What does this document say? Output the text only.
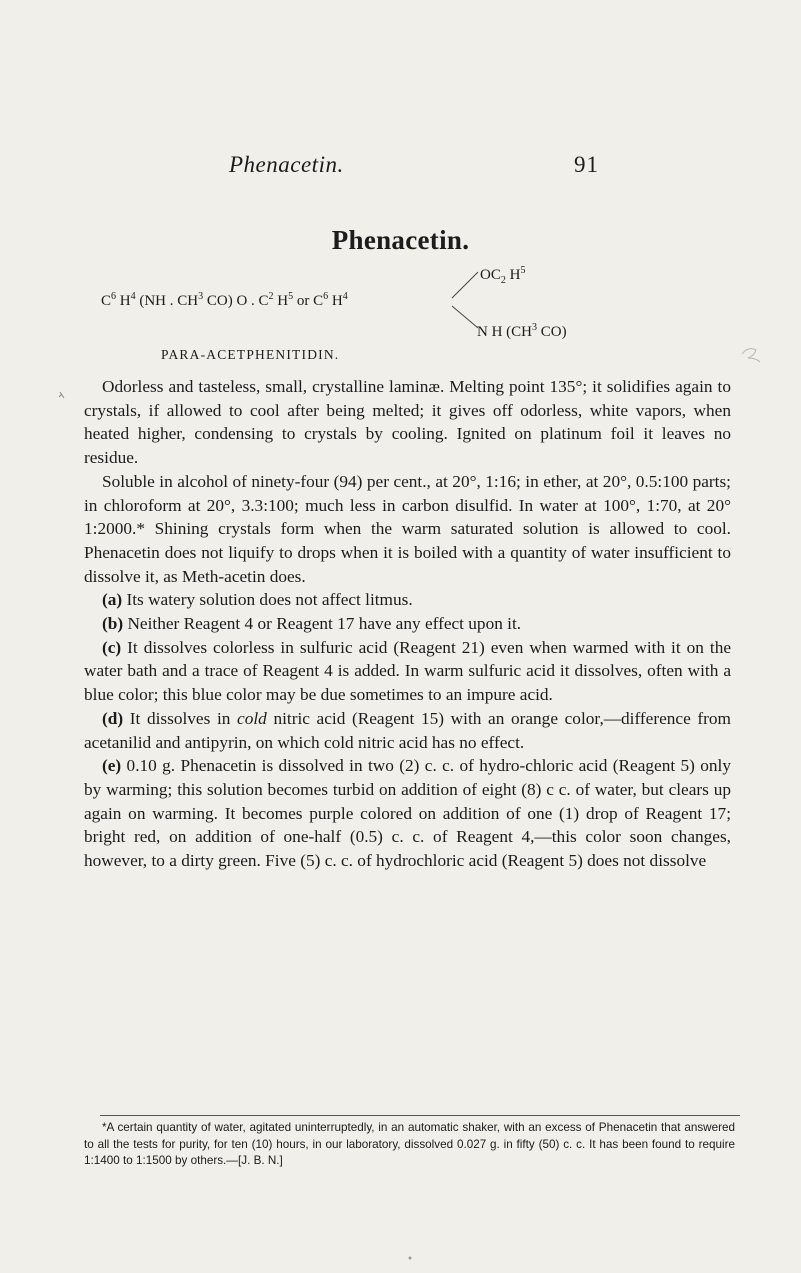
Phenacetin.	91
Phenacetin.
$OC_2$ $H^5$
$C^6$ $H^4$ (NH . $CH^3$ CO) O . $C^2$ $H^5$ or $C^6$ $H^4$
N H ($CH^3$ CO)
PARA-ACETPHENITIDIN.

Odorless and tasteless, small, crystalline laminæ. Melting point 135°; it solidifies again to crystals, if allowed to cool after being melted; it gives off odorless, white vapors, when heated higher, condensing to crystals by cooling. Ignited on platinum foil it leaves no residue.

Soluble in alcohol of ninety-four (94) per cent., at 20°, 1:16; in ether, at 20°, 0.5:100 parts; in chloroform at 20°, 3.3:100; much less in carbon disulfid. In water at 100°, 1:70, at 20° 1:2000.* Shining crystals form when the warm saturated solution is allowed to cool. Phenacetin does not liquify to drops when it is boiled with a quantity of water insufficient to dissolve it, as Meth-acetin does.

(a) Its watery solution does not affect litmus.

(b) Neither Reagent 4 or Reagent 17 have any effect upon it.

(c) It dissolves colorless in sulfuric acid (Reagent 21) even when warmed with it on the water bath and a trace of Reagent 4 is added. In warm sulfuric acid it dissolves, often with a blue color; this blue color may be due sometimes to an impure acid.

(d) It dissolves in cold nitric acid (Reagent 15) with an orange color,—difference from acetanilid and antipyrin, on which cold nitric acid has no effect.

(e) 0.10 g. Phenacetin is dissolved in two (2) c. c. of hydro-chloric acid (Reagent 5) only by warming; this solution becomes turbid on addition of eight (8) c c. of water, but clears up again on warming. It becomes purple colored on addition of one (1) drop of Reagent 17; bright red, on addition of one-half (0.5) c. c. of Reagent 4,—this color soon changes, however, to a dirty green. Five (5) c. c. of hydrochloric acid (Reagent 5) does not dissolve

*A certain quantity of water, agitated uninterruptedly, in an automatic shaker, with an excess of Phenacetin that answered to all the tests for purity, for ten (10) hours, in our laboratory, dissolved 0.027 g. in fifty (50) c. c. It has been found to require 1:1400 to 1:1500 by others.—[J. B. N.]
